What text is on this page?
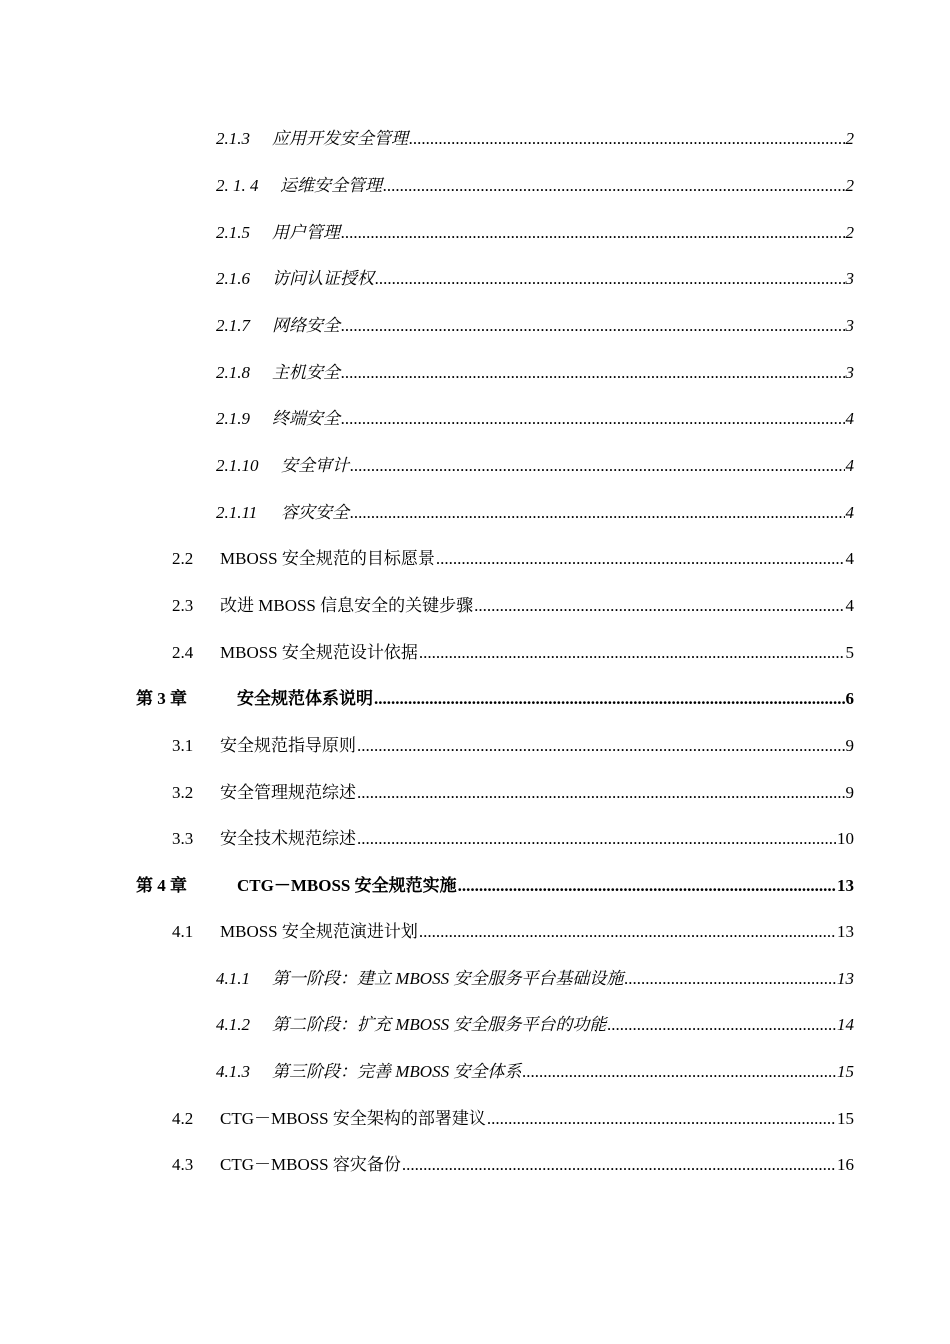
2.1.3	应用开发安全管理 .....	2
2. 1. 4	运维安全管理 .....	2
2.1.5	用户管理 .....	2
2.1.6	访问认证授权 .....	3
2.1.7	网络安全 .....	3
2.1.8	主机安全 .....	3
2.1.9	终端安全 .....	4
2.1.10	安全审计 .....	4
2.1.11	容灾安全 .....	4
2.2	MBOSS 安全规范的目标愿景 .....	4
2.3	改进 MBOSS 信息安全的关键步骤 .....	4
2.4	MBOSS 安全规范设计依据 .....	5
第 3 章	安全规范体系说明 .....	6
3.1	安全规范指导原则 .....	9
3.2	安全管理规范综述 .....	9
3.3	安全技术规范综述 .....	10
第 4 章	CTG－MBOSS 安全规范实施 .....	13
4.1	MBOSS 安全规范演进计划 .....	13
4.1.1	第一阶段：建立 MBOSS 安全服务平台基础设施 .....	13
4.1.2	第二阶段：扩充 MBOSS 安全服务平台的功能 .....	14
4.1.3	第三阶段：完善 MBOSS 安全体系 .....	15
4.2	CTG－MBOSS 安全架构的部署建议 .....	15
4.3	CTG－MBOSS 容灾备份 .....	16
